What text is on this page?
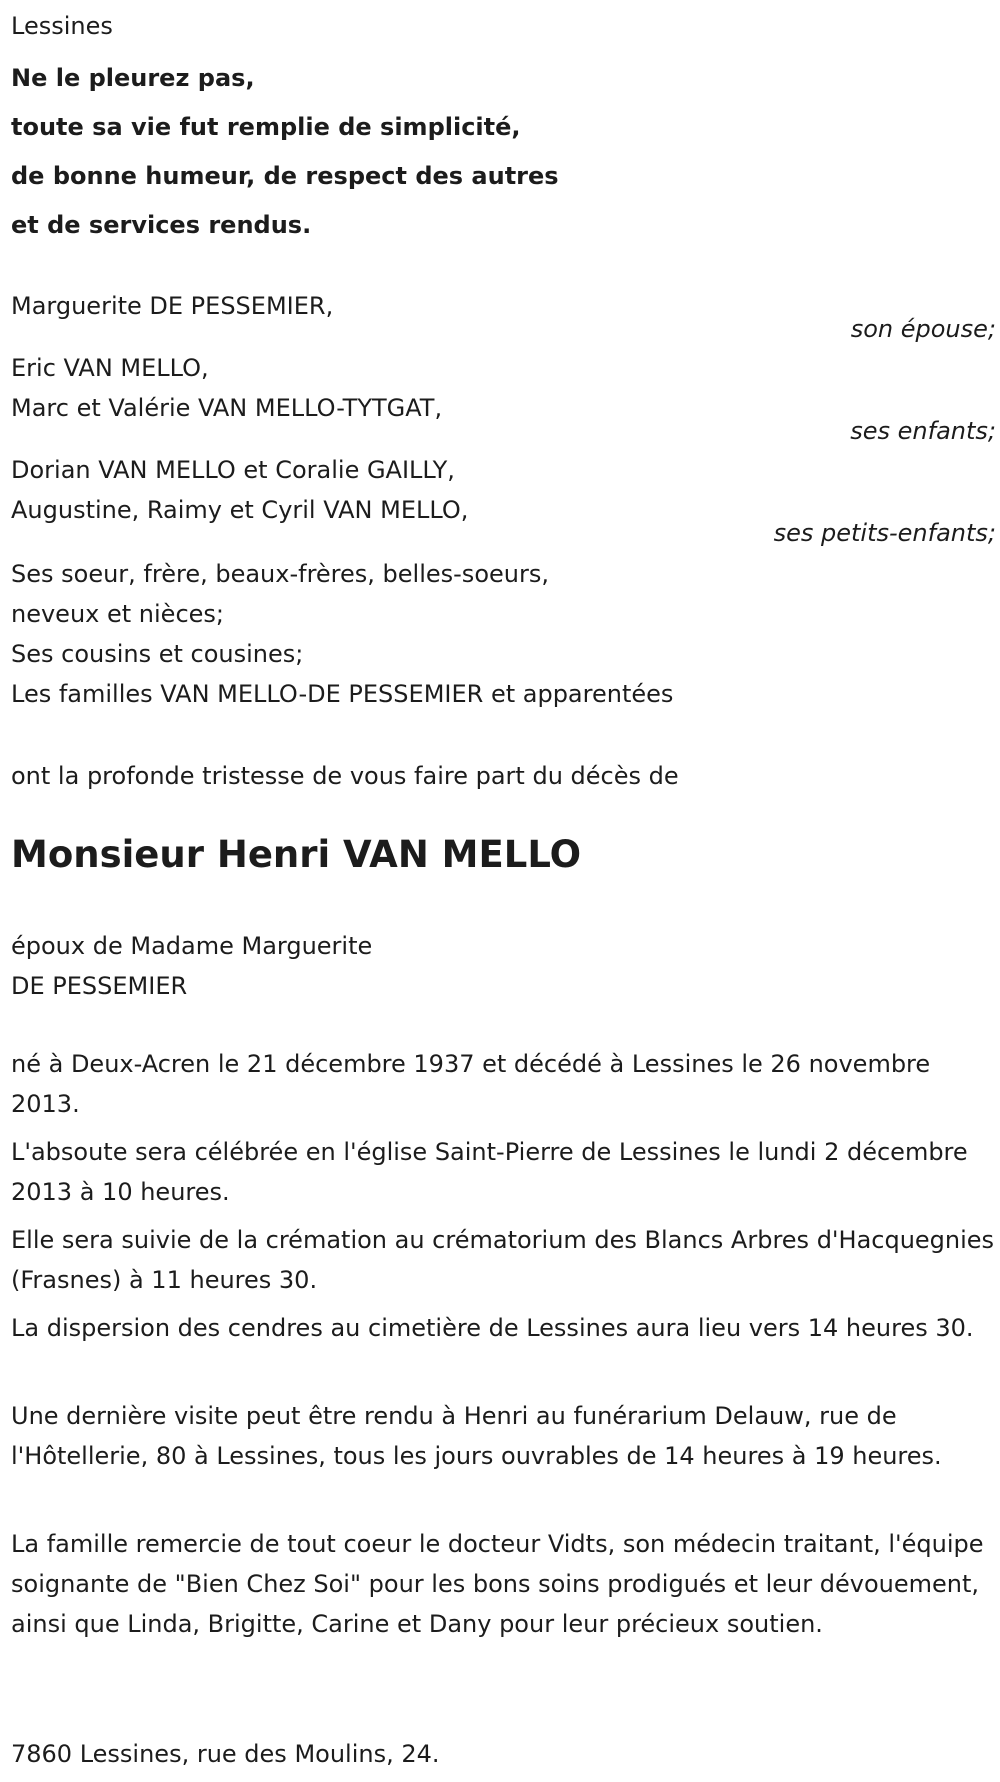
Lessines
Ne le pleurez pas,
toute sa vie fut remplie de simplicité,
de bonne humeur, de respect des autres
et de services rendus.
Marguerite DE PESSEMIER,
son épouse;
Eric VAN MELLO,
Marc et Valérie VAN MELLO-TYTGAT,
ses enfants;
Dorian VAN MELLO et Coralie GAILLY,
Augustine, Raimy et Cyril VAN MELLO,
ses petits-enfants;
Ses soeur, frère, beaux-frères, belles-soeurs,
neveux et nièces;
Ses cousins et cousines;
Les familles VAN MELLO-DE PESSEMIER et apparentées
ont la profonde tristesse de vous faire part du décès de
Monsieur Henri VAN MELLO
époux de Madame Marguerite
DE PESSEMIER

né à Deux-Acren le 21 décembre 1937 et décédé à Lessines le 26 novembre 2013.

L'absoute sera célébrée en l'église Saint-Pierre de Lessines le lundi 2 décembre 2013 à 10 heures.

Elle sera suivie de la crémation au crématorium des Blancs Arbres d'Hacquegnies (Frasnes) à 11 heures 30.

La dispersion des cendres au cimetière de Lessines aura lieu vers 14 heures 30.

Une dernière visite peut être rendu à Henri au funérarium Delauw, rue de l'Hôtellerie, 80 à Lessines, tous les jours ouvrables de 14 heures à 19 heures.

La famille remercie de tout coeur le docteur Vidts, son médecin traitant, l'équipe soignante de "Bien Chez Soi" pour les bons soins prodigués et leur dévouement, ainsi que Linda, Brigitte, Carine et Dany pour leur précieux soutien.

7860 Lessines, rue des Moulins, 24.
